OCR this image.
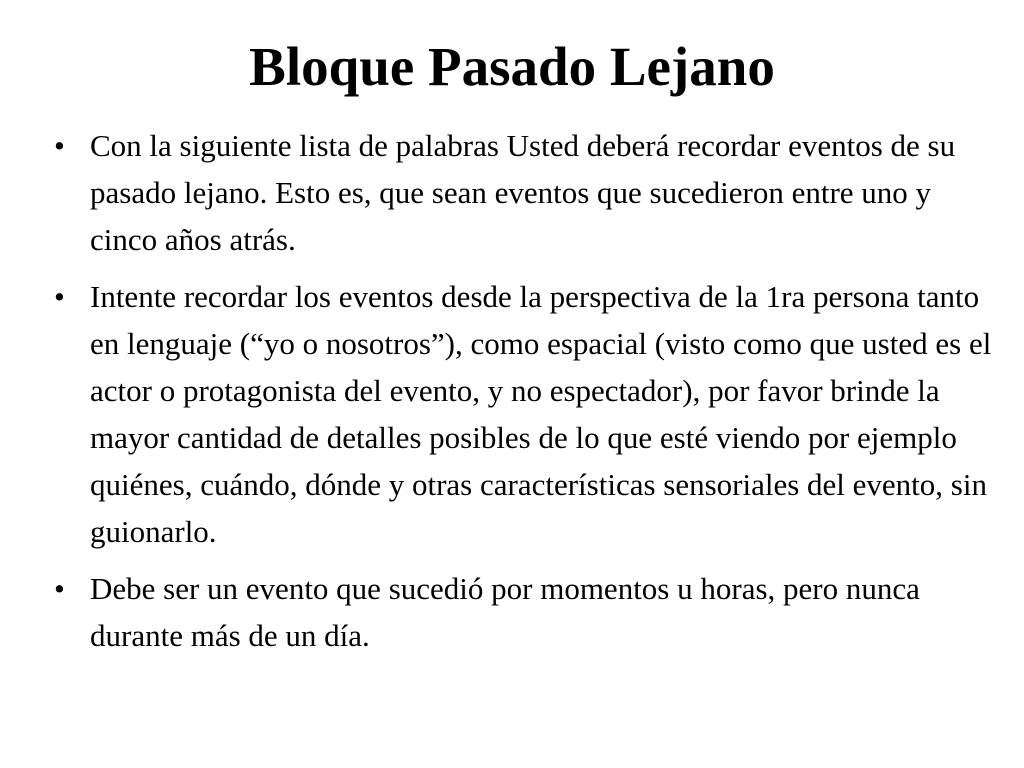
Bloque Pasado Lejano
• Con la siguiente lista de palabras Usted deberá recordar eventos de su pasado lejano. Esto es, que sean eventos que sucedieron entre uno y cinco años atrás.
• Intente recordar los eventos desde la perspectiva de la 1ra persona tanto en lenguaje (“yo o nosotros”), como espacial (visto como que usted es el actor o protagonista del evento, y no espectador), por favor brinde la mayor cantidad de detalles posibles de lo que esté viendo por ejemplo quiénes, cuándo, dónde y otras características sensoriales del evento, sin guionarlo.
• Debe ser un evento que sucedió por momentos u horas, pero nunca durante más de un día.
